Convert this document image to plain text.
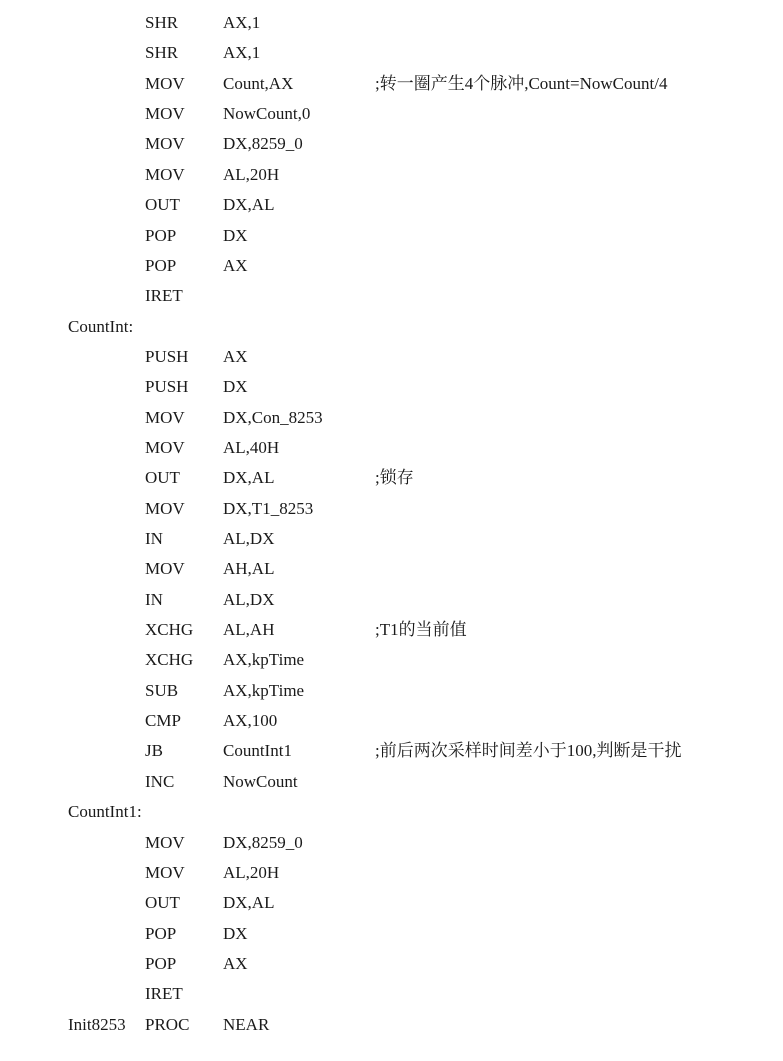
SHR	AX,1
SHR	AX,1
MOV Count,AX	;转一圈产生4个脉冲,Count=NowCount/4
MOV NowCount,0
MOV DX,8259_0
MOV AL,20H
OUT	DX,AL
POP	DX
POP	AX
IRET
CountInt:
PUSH AX
PUSH DX
MOV DX,Con_8253
MOV AL,40H
OUT	DX,AL	;锁存
MOV DX,T1_8253
IN	AL,DX
MOV AH,AL
IN	AL,DX
XCHG AL,AH	;T1的当前值
XCHG AX,kpTime
SUB	AX,kpTime
CMP AX,100
JB	CountInt1	;前后两次采样时间差小于100,判断是干扰
INC	NowCount
CountInt1:
MOV DX,8259_0
MOV AL,20H
OUT	DX,AL
POP	DX
POP	AX
IRET
Init8253 PROC NEAR
